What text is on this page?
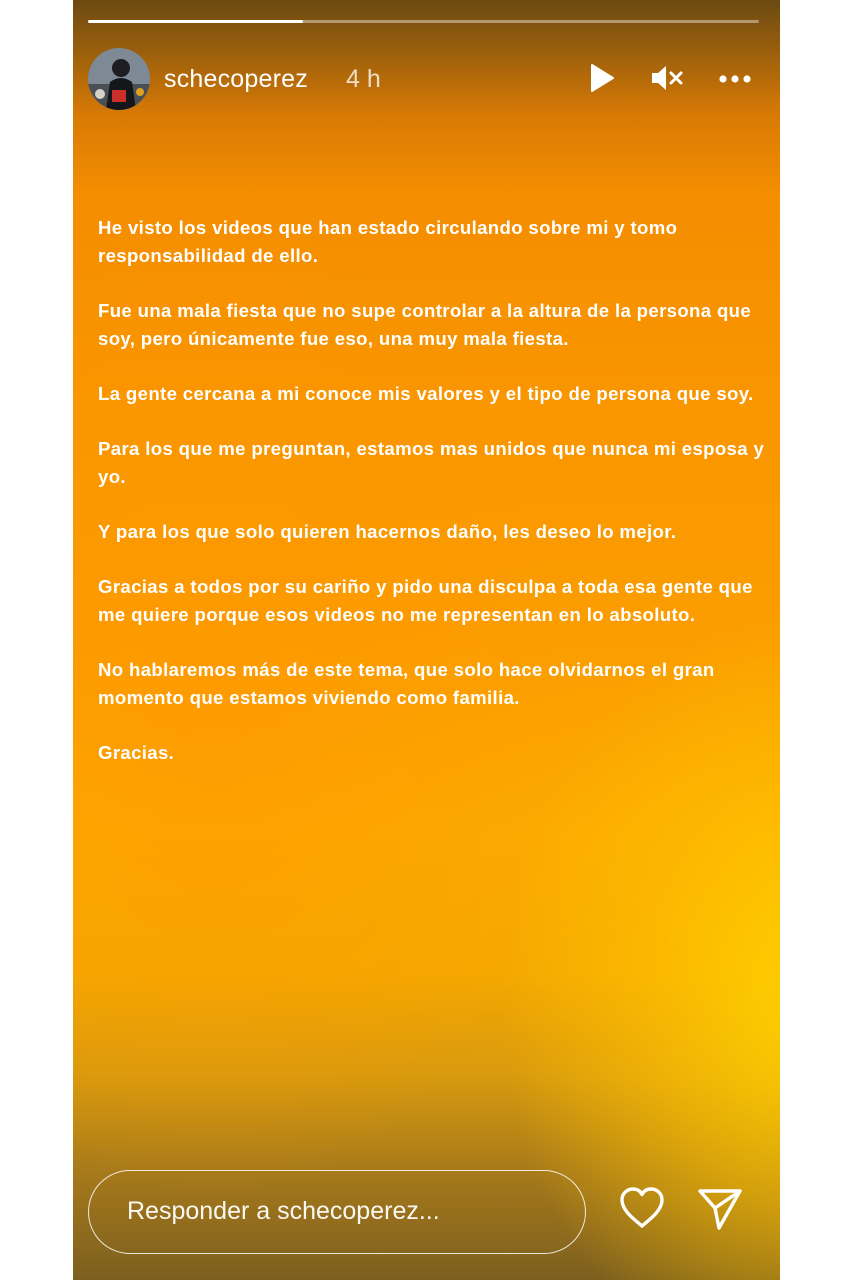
schecoperez 4 h

He visto los videos que han estado circulando sobre mi y tomo responsabilidad de ello.

Fue una mala fiesta que no supe controlar a la altura de la persona que soy, pero únicamente fue eso, una muy mala fiesta.

La gente cercana a mi conoce mis valores y el tipo de persona que soy.

Para los que me preguntan, estamos mas unidos que nunca mi esposa y yo.

Y para los que solo quieren hacernos daño, les deseo lo mejor.

Gracias a todos por su cariño y pido una disculpa a toda esa gente que me quiere porque esos videos no me representan en lo absoluto.

No hablaremos más de este tema, que solo hace olvidarnos el gran momento que estamos viviendo como familia.

Gracias.

Responder a schecoperez...
